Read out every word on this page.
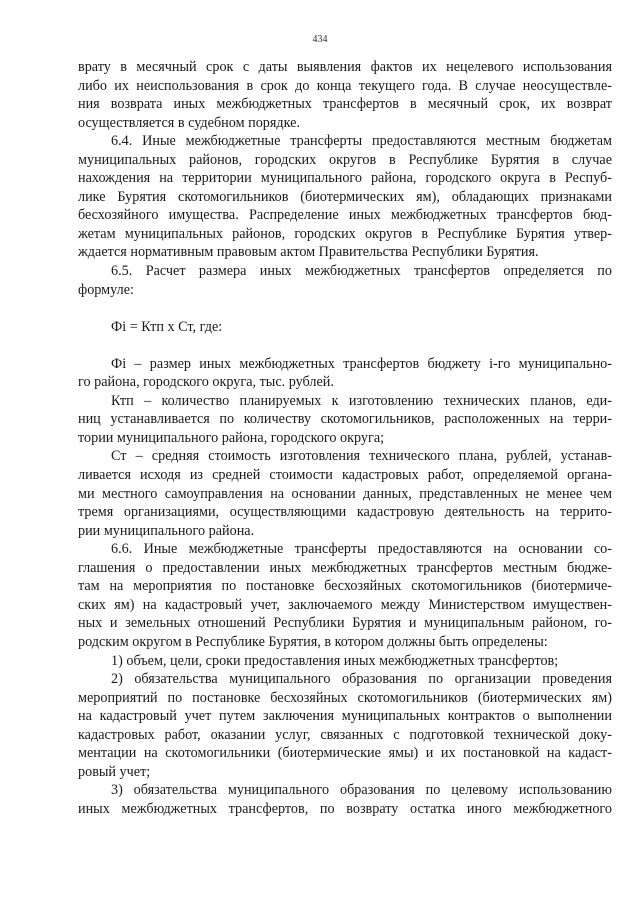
434

врату в месячный срок с даты выявления фактов их нецелевого использования
либо их неиспользования в срок до конца текущего года. В случае неосуществле-
ния возврата иных межбюджетных трансфертов в месячный срок, их возврат
осуществляется в судебном порядке.

6.4. Иные межбюджетные трансферты предоставляются местным бюджетам
муниципальных районов, городских округов в Республике Бурятия в случае
нахождения на территории муниципального района, городского округа в Респуб-
лике Бурятия скотомогильников (биотермических ям), обладающих признаками
бесхозяйного имущества. Распределение иных межбюджетных трансфертов бюд-
жетам муниципальных районов, городских округов в Республике Бурятия утвер-
ждается нормативным правовым актом Правительства Республики Бурятия.

6.5. Расчет размера иных межбюджетных трансфертов определяется по
формуле:

Фi = Ктп х Ст, где:

Фi – размер иных межбюджетных трансфертов бюджету i-го муниципально-
го района, городского округа, тыс. рублей.

Ктп – количество планируемых к изготовлению технических планов, еди-
ниц устанавливается по количеству скотомогильников, расположенных на терри-
тории муниципального района, городского округа;

Ст – средняя стоимость изготовления технического плана, рублей, устанав-
ливается исходя из средней стоимости кадастровых работ, определяемой органа-
ми местного самоуправления на основании данных, представленных не менее чем
тремя организациями, осуществляющими кадастровую деятельность на террито-
рии муниципального района.

6.6. Иные межбюджетные трансферты предоставляются на основании со-
глашения о предоставлении иных межбюджетных трансфертов местным бюдже-
там на мероприятия по постановке бесхозяйных скотомогильников (биотермиче-
ских ям) на кадастровый учет, заключаемого между Министерством имуществен-
ных и земельных отношений Республики Бурятия и муниципальным районом, го-
родским округом в Республике Бурятия, в котором должны быть определены:

1) объем, цели, сроки предоставления иных межбюджетных трансфертов;

2) обязательства муниципального образования по организации проведения
мероприятий по постановке бесхозяйных скотомогильников (биотермических ям)
на кадастровый учет путем заключения муниципальных контрактов о выполнении
кадастровых работ, оказании услуг, связанных с подготовкой технической доку-
ментации на скотомогильники (биотермические ямы) и их постановкой на кадаст-
ровый учет;

3) обязательства муниципального образования по целевому использованию
иных межбюджетных трансфертов, по возврату остатка иного межбюджетного
